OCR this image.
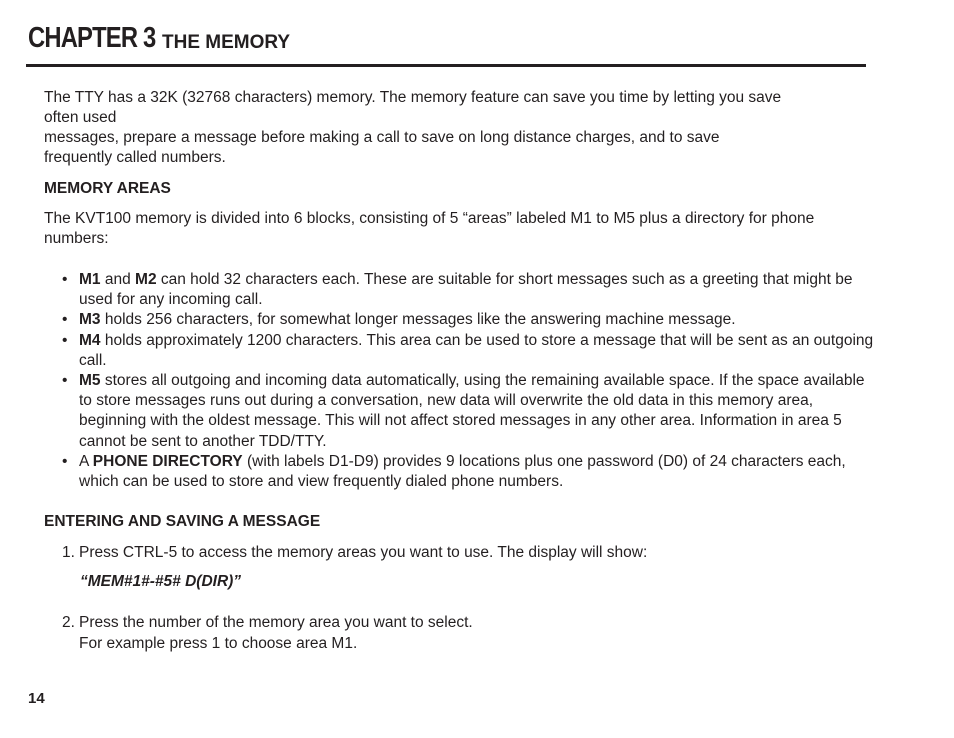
CHAPTER 3 THE MEMORY

The TTY has a 32K (32768 characters) memory. The memory feature can save you time by letting you save
often used
messages, prepare a message before making a call to save on long distance charges, and to save
frequently called numbers.

MEMORY AREAS

The KVT100 memory is divided into 6 blocks, consisting of 5 “areas” labeled M1 to M5 plus a directory for phone numbers:

• M1 and M2 can hold 32 characters each. These are suitable for short messages such as a greeting that might be used for any incoming call.
• M3 holds 256 characters, for somewhat longer messages like the answering machine message.
• M4 holds approximately 1200 characters. This area can be used to store a message that will be sent as an outgoing call.
• M5 stores all outgoing and incoming data automatically, using the remaining available space. If the space available to store messages runs out during a conversation, new data will overwrite the old data in this memory area, beginning with the oldest message. This will not affect stored messages in any other area. Information in area 5 cannot be sent to another TDD/TTY.
• A PHONE DIRECTORY (with labels D1-D9) provides 9 locations plus one password (D0) of 24 characters each, which can be used to store and view frequently dialed phone numbers.
ENTERING AND SAVING A MESSAGE

1. Press CTRL-5 to access the memory areas you want to use. The display will show:

“MEM#1#-#5# D(DIR)”

2. Press the number of the memory area you want to select.
For example press 1 to choose area M1.

14
